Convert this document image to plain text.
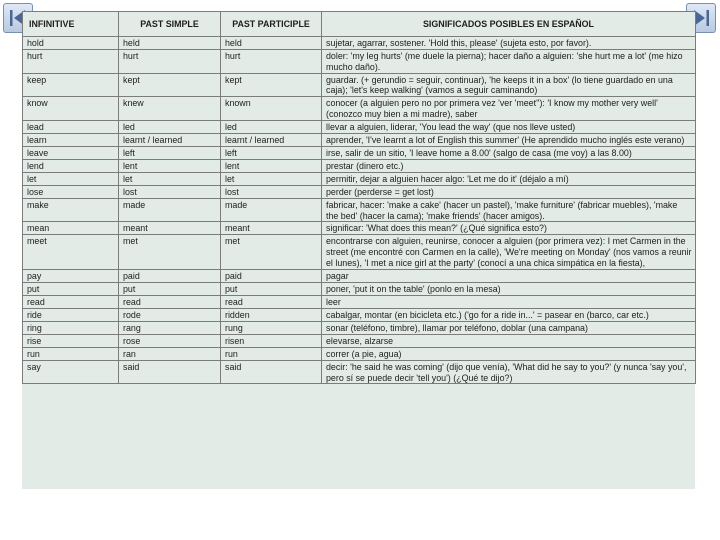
INFINITIVE	PAST SIMPLE	PAST PARTICIPLE	SIGNIFICADOS POSIBLES EN ESPAÑOL
hold	held	held	sujetar, agarrar, sostener. 'Hold this, please' (sujeta esto, por favor).
hurt	hurt	hurt	doler: 'my leg hurts' (me duele la pierna); hacer daño a alguien: 'she hurt me a lot' (me hizo mucho daño).
keep	kept	kept	guardar. (+ gerundio = seguir, continuar), 'he keeps it in a box' (lo tiene guardado en una caja); 'let's keep walking' (vamos a seguir caminando)
know	knew	known	conocer (a alguien pero no por primera vez 'ver 'meet''): 'I know my mother very well' (conozco muy bien a mi madre), saber
lead	led	led	llevar a alguien, liderar, 'You lead the way' (que nos lleve usted)
learn	learnt / learned	learnt / learned	aprender, 'I've learnt a lot of English this summer' (He aprendido mucho inglés este verano)
leave	left	left	irse, salir de un sitio, 'I leave home a 8.00' (salgo de casa (me voy) a las 8.00)
lend	lent	lent	prestar (dinero etc.)
let	let	let	permitir, dejar a alguien hacer algo: 'Let me do it' (déjalo a mí)
lose	lost	lost	perder (perderse = get lost)
make	made	made	fabricar, hacer: 'make a cake' (hacer un pastel), 'make furniture' (fabricar muebles), 'make the bed' (hacer la cama); 'make friends' (hacer amigos).
mean	meant	meant	significar: 'What does this mean?' (¿Qué significa esto?)
meet	met	met	encontrarse con alguien, reunirse, conocer a alguien (por primera vez): I met Carmen in the street (me encontré con Carmen en la calle), 'We're meeting on Monday' (nos vamos a reunir el lunes), 'I met a nice girl at the party' (conocí a una chica simpática en la fiesta),
pay	paid	paid	pagar
put	put	put	poner, 'put it on the table' (ponlo en la mesa)
read	read	read	leer
ride	rode	ridden	cabalgar, montar (en bicicleta etc.) ('go for a ride in...' = pasear en (barco, car etc.)
ring	rang	rung	sonar (teléfono, timbre), llamar por teléfono, doblar (una campana)
rise	rose	risen	elevarse, alzarse
run	ran	run	correr (a pie, agua)
say	said	said	decir: 'he said he was coming' (dijo que venía), 'What did he say to you?' (y nunca 'say you', pero sí se puede decir 'tell you') (¿Qué te dijo?)
